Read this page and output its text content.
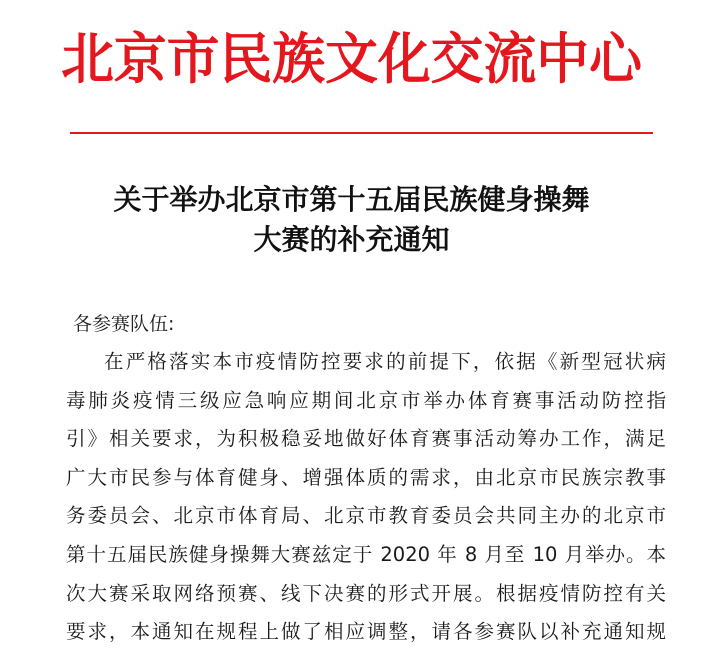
北京市民族文化交流中心
关于举办北京市第十五届民族健身操舞
大赛的补充通知
各参赛队伍:
在严格落实本市疫情防控要求的前提下，依据《新型冠状病
毒肺炎疫情三级应急响应期间北京市举办体育赛事活动防控指
引》相关要求，为积极稳妥地做好体育赛事活动筹办工作，满足
广大市民参与体育健身、增强体质的需求，由北京市民族宗教事
务委员会、北京市体育局、北京市教育委员会共同主办的北京市
第十五届民族健身操舞大赛兹定于 2020 年 8 月至 10 月举办。本
次大赛采取网络预赛、线下决赛的形式开展。根据疫情防控有关
要求，本通知在规程上做了相应调整，请各参赛队以补充通知规
